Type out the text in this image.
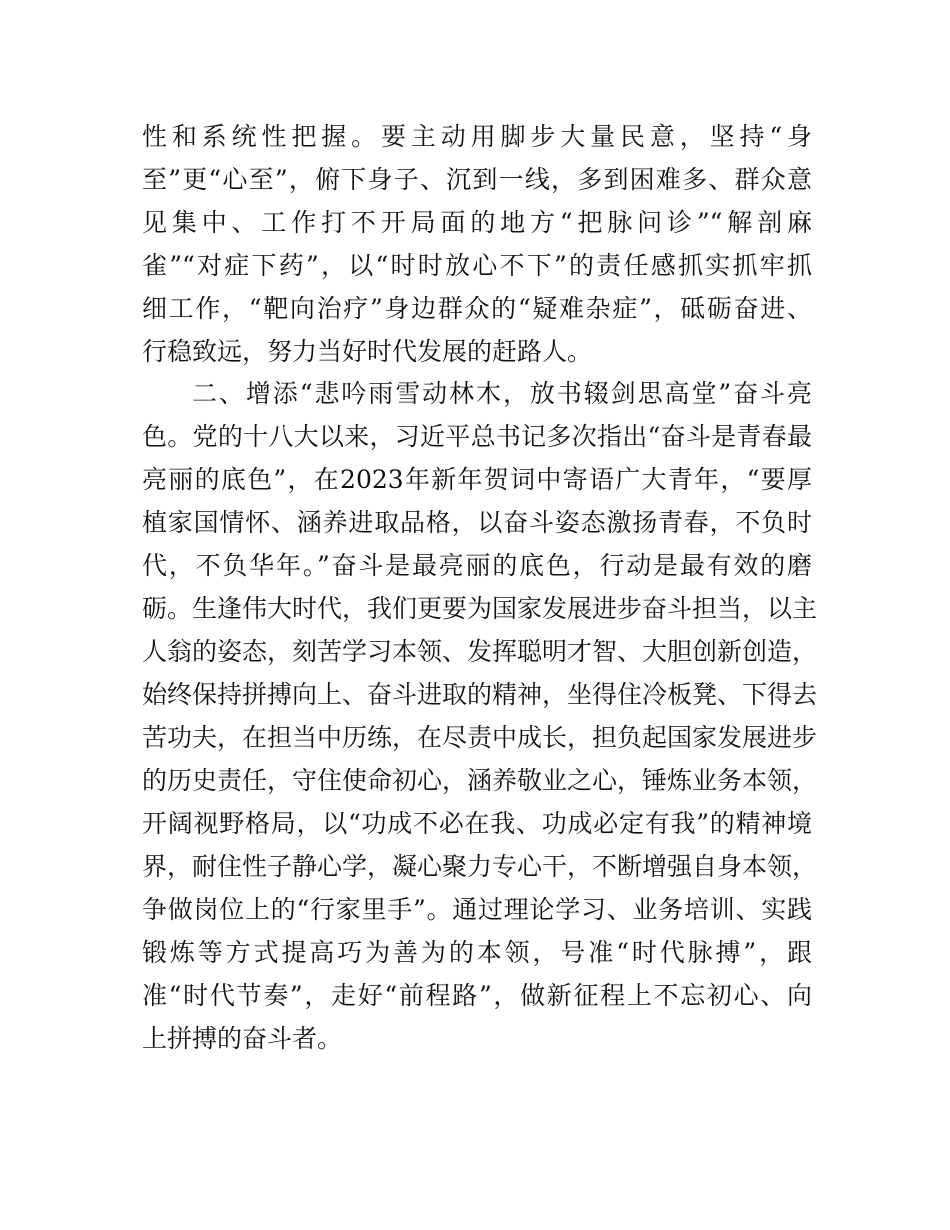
性和系统性把握。要主动用脚步大量民意，坚持“身
至”更“心至”，俯下身子、沉到一线，多到困难多、群众意
见集中、工作打不开局面的地方“把脉问诊”“解剖麻
雀”“对症下药”，以“时时放心不下”的责任感抓实抓牢抓
细工作，“靶向治疗”身边群众的“疑难杂症”，砥砺奋进、
行稳致远，努力当好时代发展的赶路人。
二、增添“悲吟雨雪动林木，放书辍剑思高堂”奋斗亮
色。党的十八大以来，习近平总书记多次指出“奋斗是青春最
亮丽的底色”，在2023年新年贺词中寄语广大青年，“要厚
植家国情怀、涵养进取品格，以奋斗姿态激扬青春，不负时
代，不负华年。”奋斗是最亮丽的底色，行动是最有效的磨
砺。生逢伟大时代，我们更要为国家发展进步奋斗担当，以主
人翁的姿态，刻苦学习本领、发挥聪明才智、大胆创新创造，
始终保持拼搏向上、奋斗进取的精神，坐得住冷板凳、下得去
苦功夫，在担当中历练，在尽责中成长，担负起国家发展进步
的历史责任，守住使命初心，涵养敬业之心，锤炼业务本领，
开阔视野格局，以“功成不必在我、功成必定有我”的精神境
界，耐住性子静心学，凝心聚力专心干，不断增强自身本领，
争做岗位上的“行家里手”。通过理论学习、业务培训、实践
锻炼等方式提高巧为善为的本领，号准“时代脉搏”，跟
准“时代节奏”，走好“前程路”，做新征程上不忘初心、向
上拼搏的奋斗者。
